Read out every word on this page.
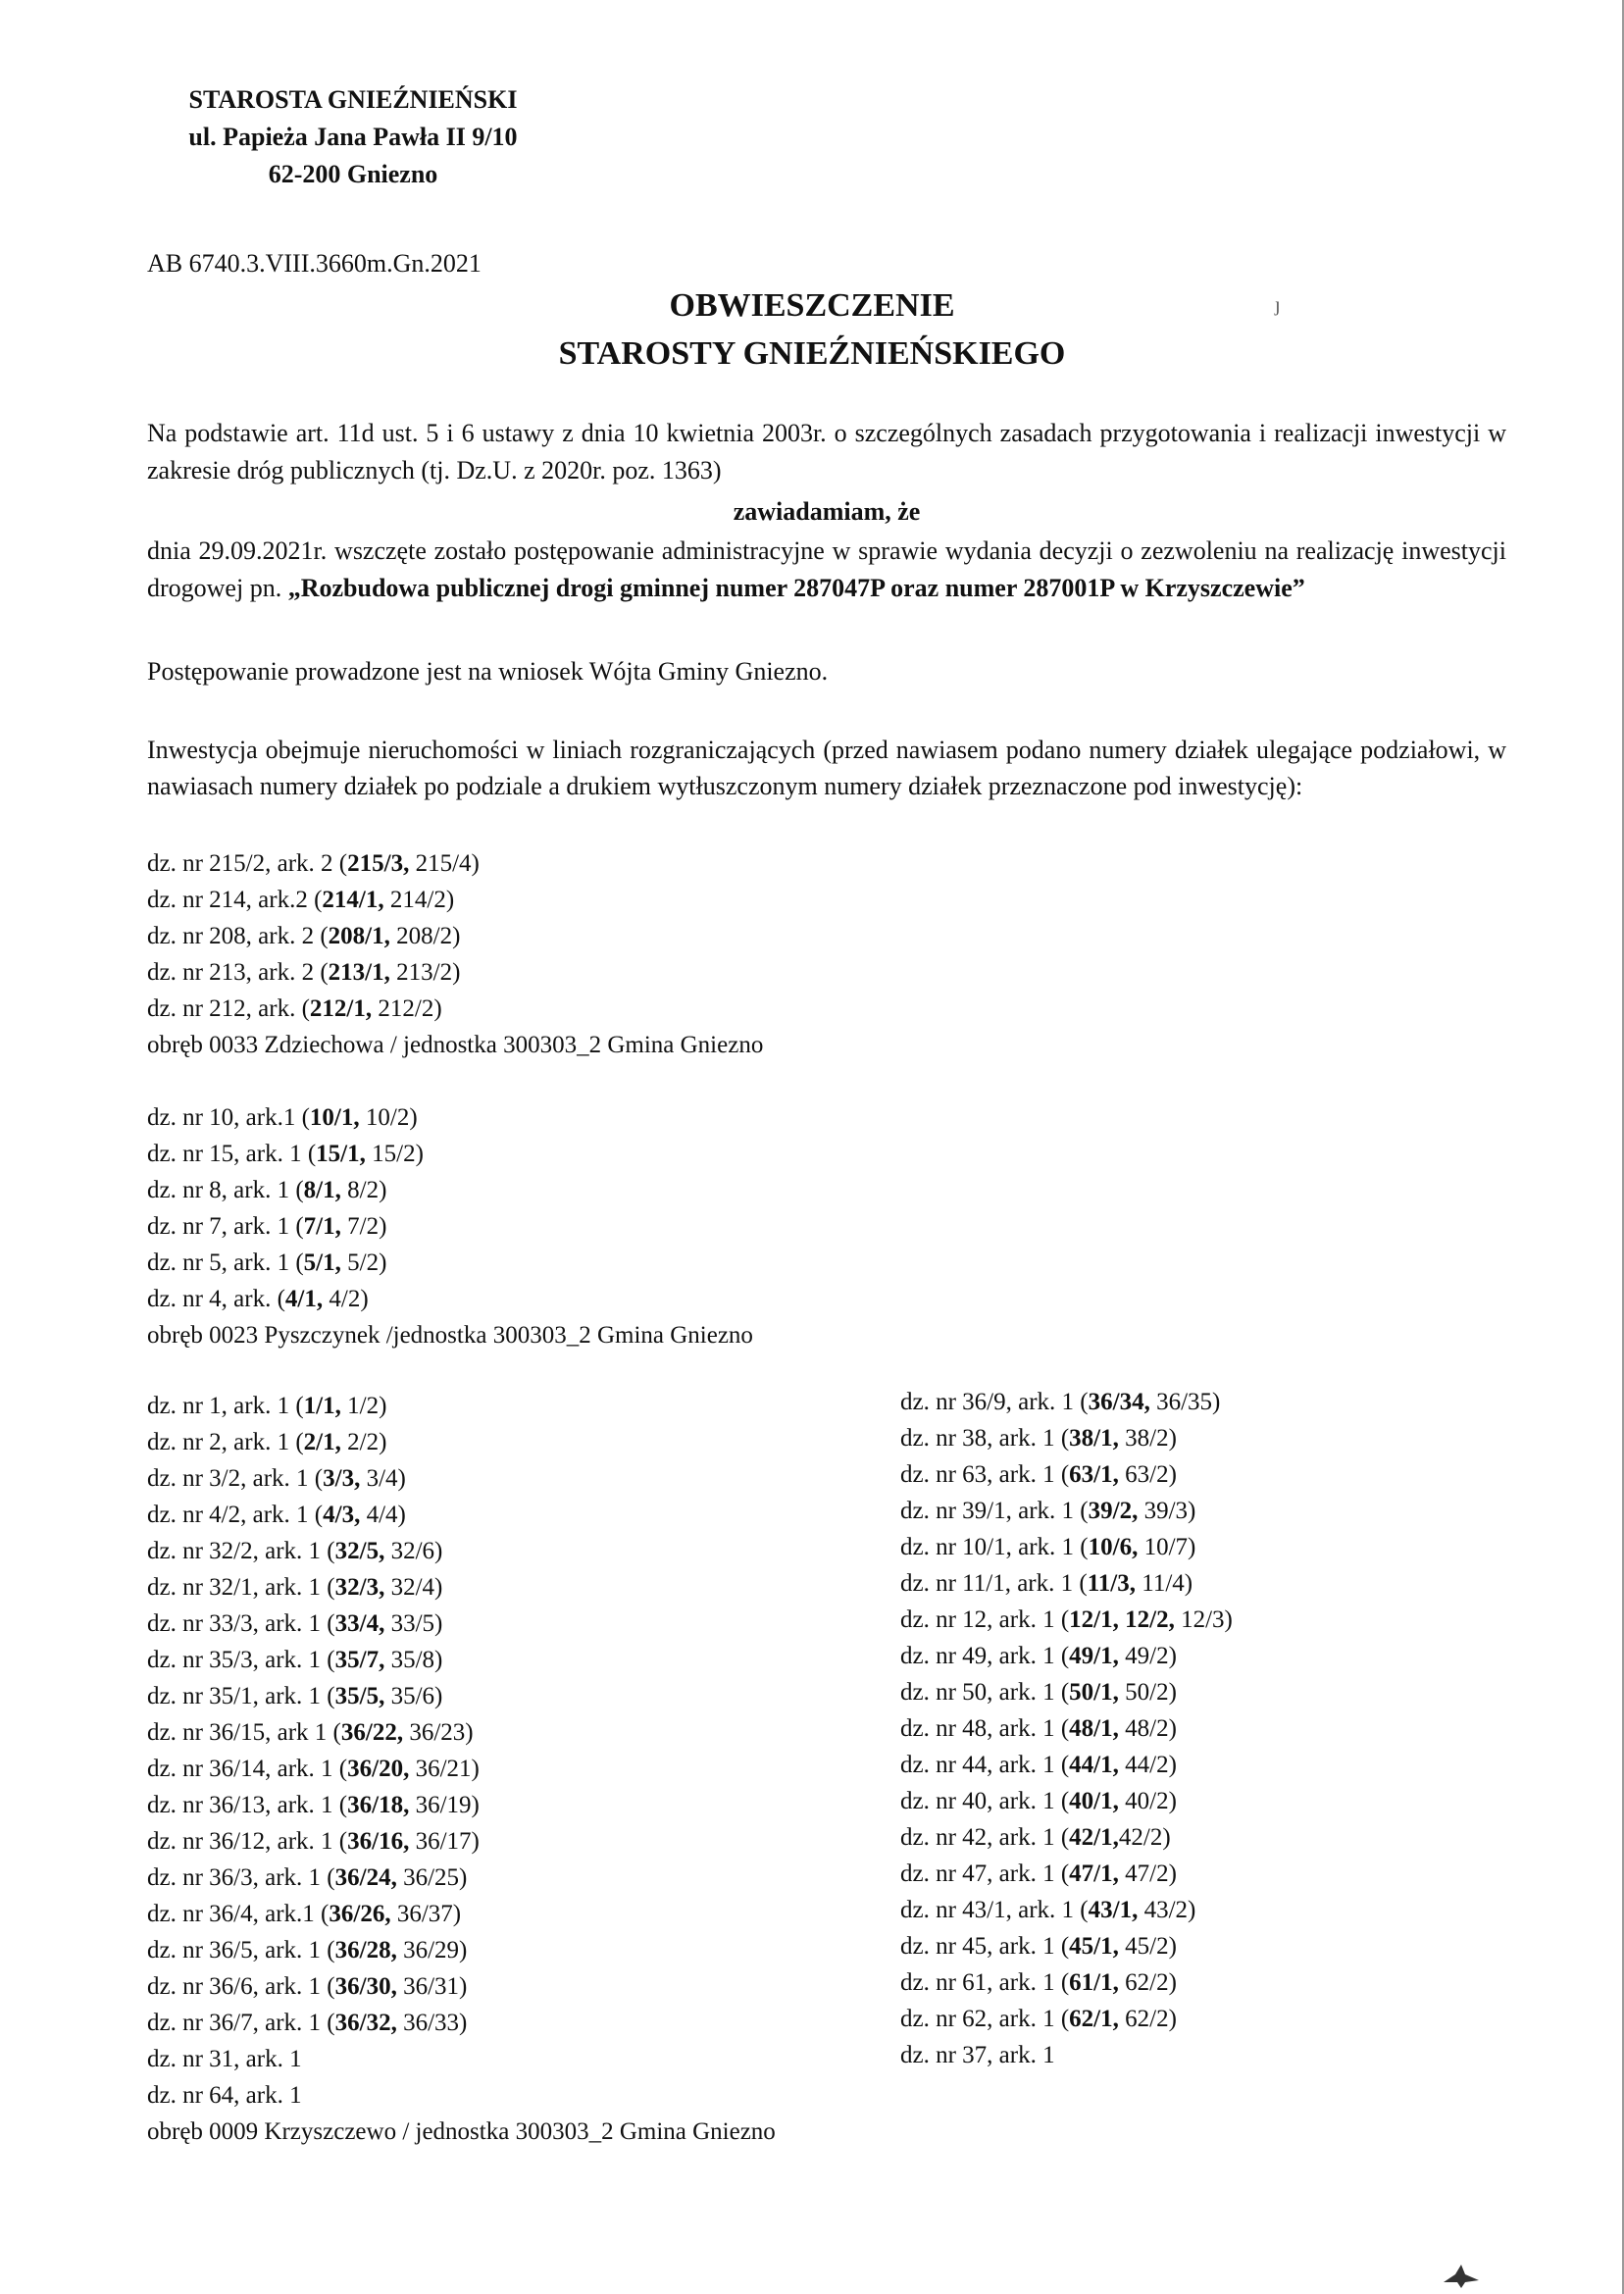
ȷ
STAROSTA GNIEŹNIEŃSKI
ul. Papieża Jana Pawła II 9/10
62-200 Gniezno
AB 6740.3.VIII.3660m.Gn.2021
OBWIESZCZENIE
STAROSTY GNIEŹNIEŃSKIEGO
Na podstawie art. 11d ust. 5 i 6 ustawy z dnia 10 kwietnia 2003r. o szczególnych zasadach przygotowania i realizacji inwestycji w zakresie dróg publicznych (tj. Dz.U. z 2020r. poz. 1363)
zawiadamiam, że
dnia 29.09.2021r. wszczęte zostało postępowanie administracyjne w sprawie wydania decyzji o zezwoleniu na realizację inwestycji drogowej pn. „Rozbudowa publicznej drogi gminnej numer 287047P oraz numer 287001P w Krzyszczewie”
Postępowanie prowadzone jest na wniosek Wójta Gminy Gniezno.
Inwestycja obejmuje nieruchomości w liniach rozgraniczających (przed nawiasem podano numery działek ulegające podziałowi, w nawiasach numery działek po podziale a drukiem wytłuszczonym numery działek przeznaczone pod inwestycję):
dz. nr 215/2, ark. 2 (215/3, 215/4)
dz. nr 214, ark.2 (214/1, 214/2)
dz. nr 208, ark. 2 (208/1, 208/2)
dz. nr 213, ark. 2 (213/1, 213/2)
dz. nr 212, ark. (212/1, 212/2)
obręb 0033 Zdziechowa / jednostka 300303_2 Gmina Gniezno
dz. nr 10, ark.1 (10/1, 10/2)
dz. nr 15, ark. 1 (15/1, 15/2)
dz. nr 8, ark. 1 (8/1, 8/2)
dz. nr 7, ark. 1 (7/1, 7/2)
dz. nr 5, ark. 1 (5/1, 5/2)
dz. nr 4, ark. (4/1, 4/2)
obręb 0023 Pyszczynek /jednostka 300303_2 Gmina Gniezno
dz. nr 1, ark. 1 (1/1, 1/2)
dz. nr 2, ark. 1 (2/1, 2/2)
dz. nr 3/2, ark. 1 (3/3, 3/4)
dz. nr 4/2, ark. 1 (4/3, 4/4)
dz. nr 32/2, ark. 1 (32/5, 32/6)
dz. nr 32/1, ark. 1 (32/3, 32/4)
dz. nr 33/3, ark. 1 (33/4, 33/5)
dz. nr 35/3, ark. 1 (35/7, 35/8)
dz. nr 35/1, ark. 1 (35/5, 35/6)
dz. nr 36/15, ark 1 (36/22, 36/23)
dz. nr 36/14, ark. 1 (36/20, 36/21)
dz. nr 36/13, ark. 1 (36/18, 36/19)
dz. nr 36/12, ark. 1 (36/16, 36/17)
dz. nr 36/3, ark. 1 (36/24, 36/25)
dz. nr 36/4, ark.1 (36/26, 36/37)
dz. nr 36/5, ark. 1 (36/28, 36/29)
dz. nr 36/6, ark. 1 (36/30, 36/31)
dz. nr 36/7, ark. 1 (36/32, 36/33)
dz. nr 31, ark. 1
dz. nr 64, ark. 1
obręb 0009 Krzyszczewo / jednostka 300303_2 Gmina Gniezno
dz. nr 36/9, ark. 1 (36/34, 36/35)
dz. nr 38, ark. 1 (38/1, 38/2)
dz. nr 63, ark. 1 (63/1, 63/2)
dz. nr 39/1, ark. 1 (39/2, 39/3)
dz. nr 10/1, ark. 1 (10/6, 10/7)
dz. nr 11/1, ark. 1 (11/3, 11/4)
dz. nr 12, ark. 1 (12/1, 12/2, 12/3)
dz. nr 49, ark. 1 (49/1, 49/2)
dz. nr 50, ark. 1 (50/1, 50/2)
dz. nr 48, ark. 1 (48/1, 48/2)
dz. nr 44, ark. 1 (44/1, 44/2)
dz. nr 40, ark. 1 (40/1, 40/2)
dz. nr 42, ark. 1 (42/1,42/2)
dz. nr 47, ark. 1 (47/1, 47/2)
dz. nr 43/1, ark. 1 (43/1, 43/2)
dz. nr 45, ark. 1 (45/1, 45/2)
dz. nr 61, ark. 1 (61/1, 62/2)
dz. nr 62, ark. 1 (62/1, 62/2)
dz. nr 37, ark. 1
